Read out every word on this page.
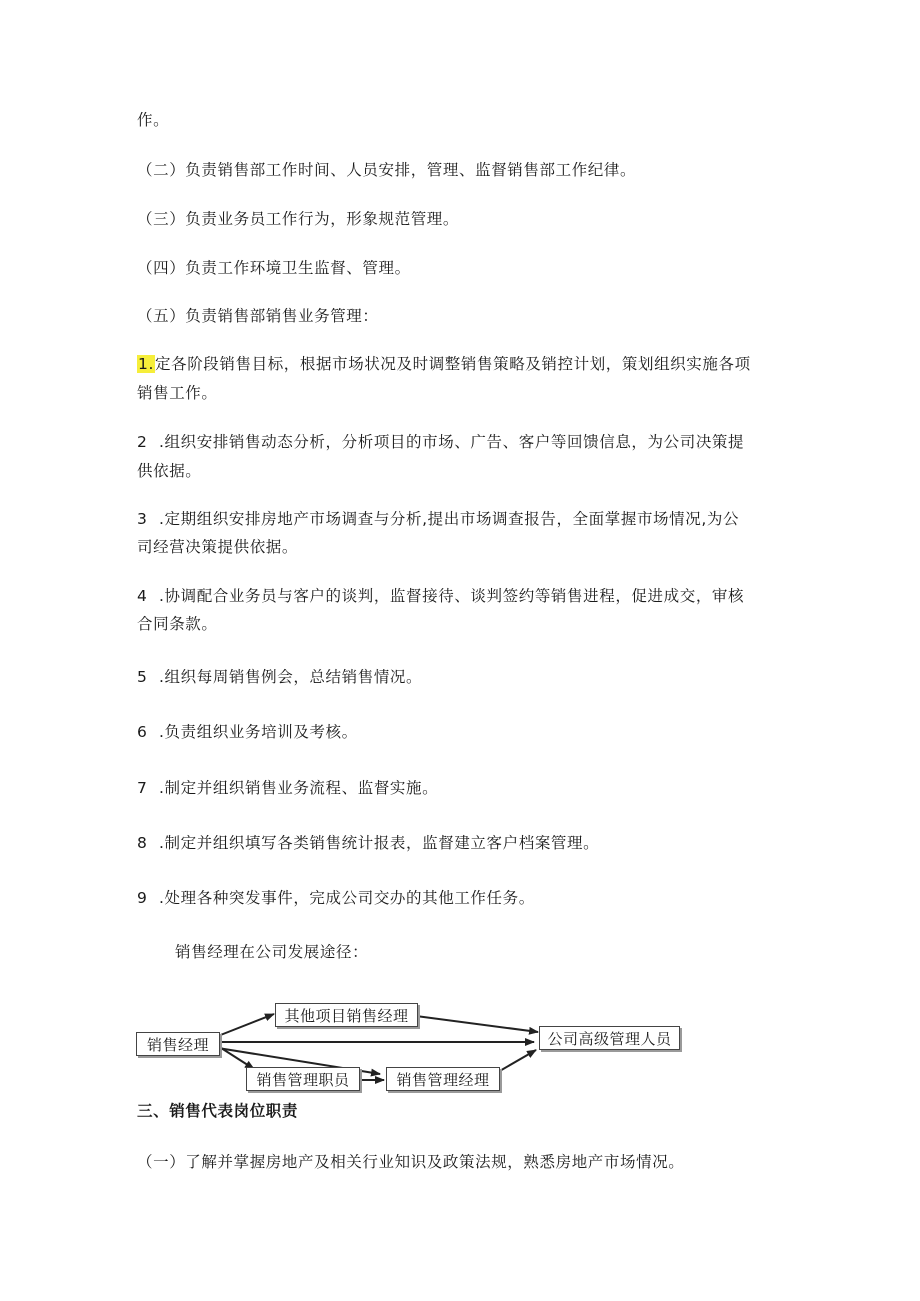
作。
（二）负责销售部工作时间、人员安排，管理、监督销售部工作纪律。
（三）负责业务员工作行为，形象规范管理。
（四）负责工作环境卫生监督、管理。
（五）负责销售部销售业务管理：
1.定各阶段销售目标，根据市场状况及时调整销售策略及销控计划，策划组织实施各项
销售工作。
2 .组织安排销售动态分析，分析项目的市场、广告、客户等回馈信息，为公司决策提
供依据。
3 .定期组织安排房地产市场调查与分析,提出市场调查报告，全面掌握市场情况,为公
司经营决策提供依据。
4 .协调配合业务员与客户的谈判，监督接待、谈判签约等销售进程，促进成交，审核
合同条款。
5 .组织每周销售例会，总结销售情况。
6 .负责组织业务培训及考核。
7 .制定并组织销售业务流程、监督实施。
8 .制定并组织填写各类销售统计报表，监督建立客户档案管理。
9 .处理各种突发事件，完成公司交办的其他工作任务。
销售经理在公司发展途径：
销售经理
其他项目销售经理
公司高级管理人员
销售管理职员	销售管理经理
三、销售代表岗位职责
（一）了解并掌握房地产及相关行业知识及政策法规，熟悉房地产市场情况。
